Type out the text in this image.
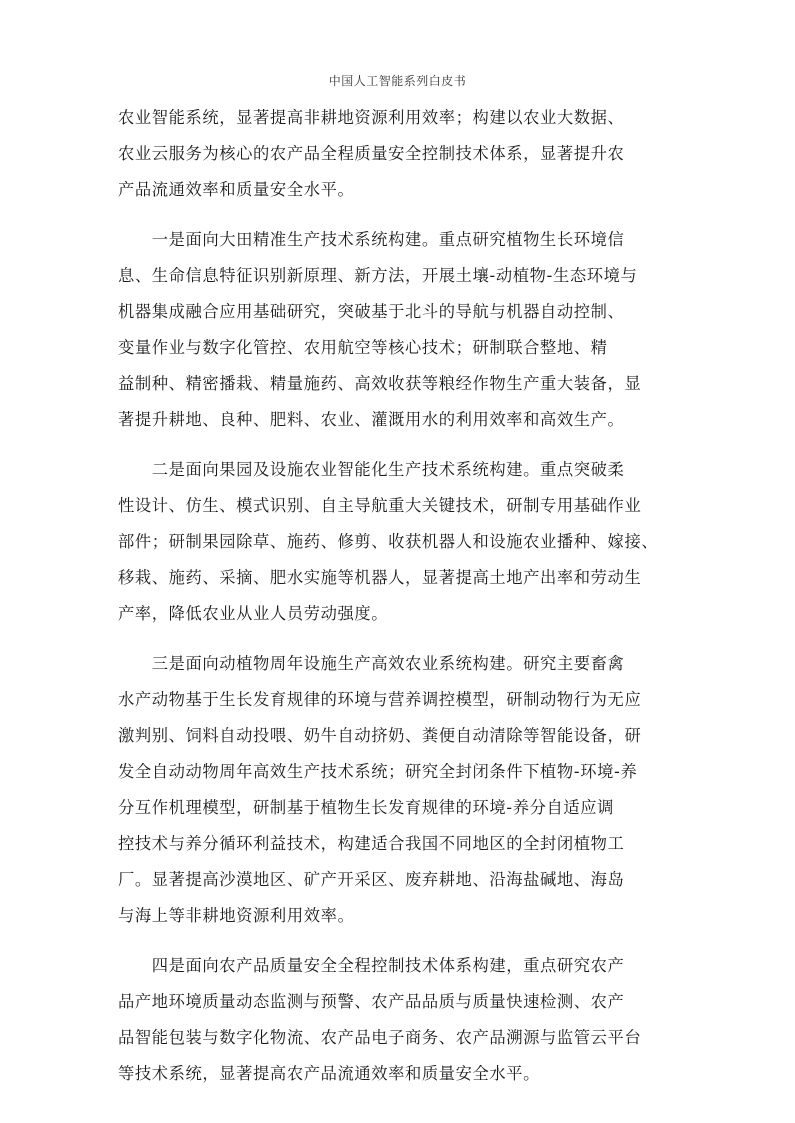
中国人工智能系列白皮书
农业智能系统，显著提高非耕地资源利用效率；构建以农业大数据、
农业云服务为核心的农产品全程质量安全控制技术体系，显著提升农
产品流通效率和质量安全水平。
　　一是面向大田精准生产技术系统构建。重点研究植物生长环境信
息、生命信息特征识别新原理、新方法，开展土壤-动植物-生态环境与
机器集成融合应用基础研究，突破基于北斗的导航与机器自动控制、
变量作业与数字化管控、农用航空等核心技术；研制联合整地、精
益制种、精密播栽、精量施药、高效收获等粮经作物生产重大装备，显
著提升耕地、良种、肥料、农业、灌溉用水的利用效率和高效生产。
　　二是面向果园及设施农业智能化生产技术系统构建。重点突破柔
性设计、仿生、模式识别、自主导航重大关键技术，研制专用基础作业
部件；研制果园除草、施药、修剪、收获机器人和设施农业播种、嫁接、
移栽、施药、采摘、肥水实施等机器人，显著提高土地产出率和劳动生
产率，降低农业从业人员劳动强度。
　　三是面向动植物周年设施生产高效农业系统构建。研究主要畜禽
水产动物基于生长发育规律的环境与营养调控模型，研制动物行为无应
激判别、饲料自动投喂、奶牛自动挤奶、粪便自动清除等智能设备，研
发全自动动物周年高效生产技术系统；研究全封闭条件下植物-环境-养
分互作机理模型，研制基于植物生长发育规律的环境-养分自适应调
控技术与养分循环利益技术，构建适合我国不同地区的全封闭植物工
厂。显著提高沙漠地区、矿产开采区、废弃耕地、沿海盐碱地、海岛
与海上等非耕地资源利用效率。
　　四是面向农产品质量安全全程控制技术体系构建，重点研究农产
品产地环境质量动态监测与预警、农产品品质与质量快速检测、农产
品智能包装与数字化物流、农产品电子商务、农产品溯源与监管云平台
等技术系统，显著提高农产品流通效率和质量安全水平。
